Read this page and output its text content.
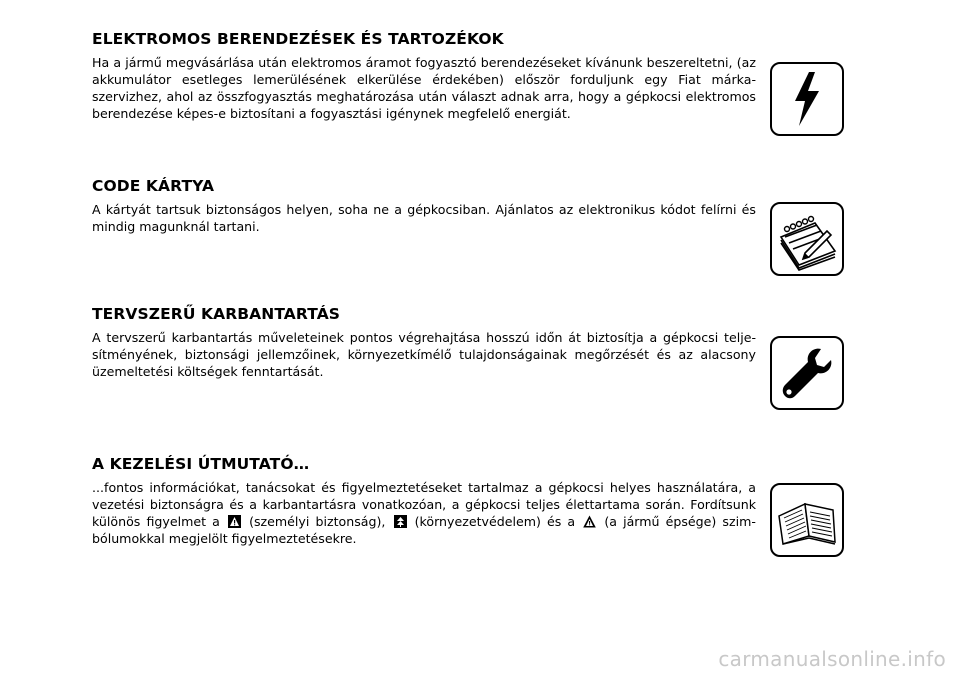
ELEKTROMOS BERENDEZÉSEK ÉS TARTOZÉKOK

Ha a jármű megvásárlása után elektromos áramot fogyasztó berendezéseket kívánunk beszereltetni, (az akkumulátor esetleges lemerülésének elkerülése érdekében) először forduljunk egy Fiat márka-szervizhez, ahol az összfogyasztás meghatározása után választ adnak arra, hogy a gépkocsi elektromos berendezése képes-e biztosítani a fogyasztási igénynek megfelelő energiát.

CODE KÁRTYA

A kártyát tartsuk biztonságos helyen, soha ne a gépkocsiban. Ajánlatos az elektronikus kódot felírni és mindig magunknál tartani.

TERVSZERŰ KARBANTARTÁS

A tervszerű karbantartás műveleteinek pontos végrehajtása hosszú időn át biztosítja a gépkocsi telje-sítményének, biztonsági jellemzőinek, környezetkímélő tulajdonságainak megőrzését és az alacsony üzemeltetési költségek fenntartását.

A KEZELÉSI ÚTMUTATÓ…

...fontos információkat, tanácsokat és figyelmeztetéseket tartalmaz a gépkocsi helyes használatára, a vezetési biztonságra és a karbantartásra vonatkozóan, a gépkocsi teljes élettartama során. Fordítsunk különös figyelmet a (személyi biztonság), (környezetvédelem) és a (a jármű épsége) szim-bólumokkal megjelölt figyelmeztetésekre.

carmanualsonline.info
